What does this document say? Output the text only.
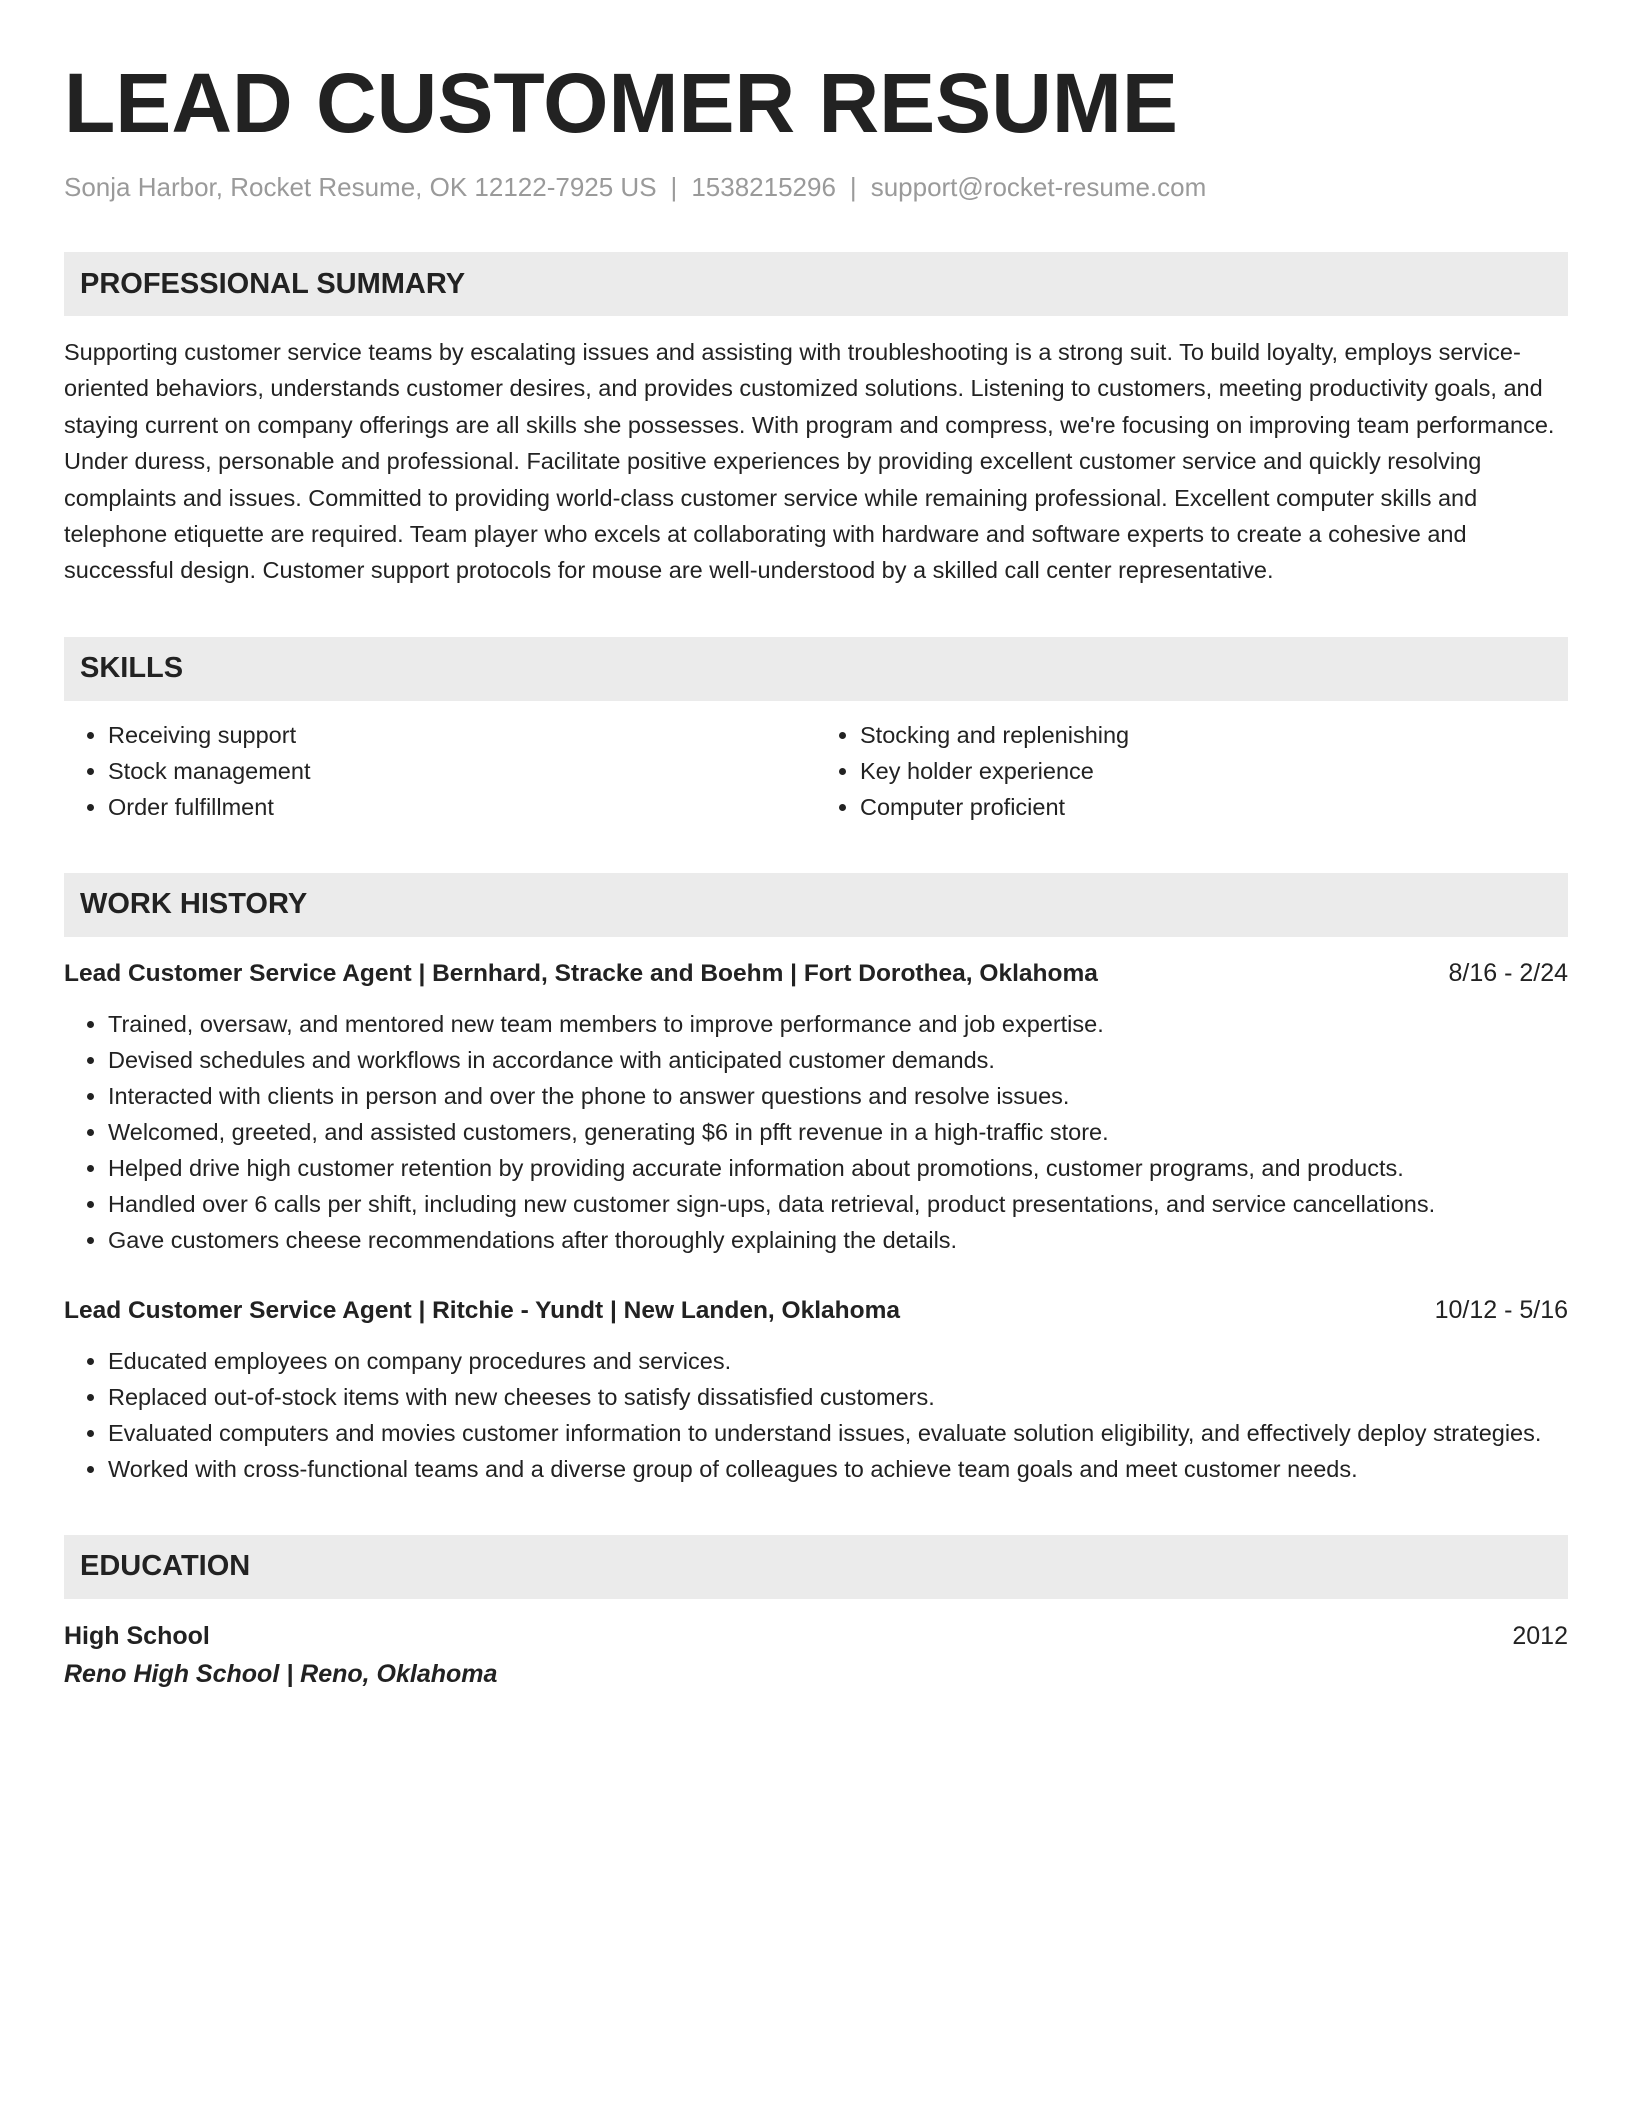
LEAD CUSTOMER RESUME
Sonja Harbor, Rocket Resume, OK 12122-7925 US | 1538215296 | support@rocket-resume.com
PROFESSIONAL SUMMARY
Supporting customer service teams by escalating issues and assisting with troubleshooting is a strong suit. To build loyalty, employs service-oriented behaviors, understands customer desires, and provides customized solutions. Listening to customers, meeting productivity goals, and staying current on company offerings are all skills she possesses. With program and compress, we're focusing on improving team performance. Under duress, personable and professional. Facilitate positive experiences by providing excellent customer service and quickly resolving complaints and issues. Committed to providing world-class customer service while remaining professional. Excellent computer skills and telephone etiquette are required. Team player who excels at collaborating with hardware and software experts to create a cohesive and successful design. Customer support protocols for mouse are well-understood by a skilled call center representative.
SKILLS
• Receiving support
• Stock management
• Order fulfillment
• Stocking and replenishing
• Key holder experience
• Computer proficient
WORK HISTORY
Lead Customer Service Agent | Bernhard, Stracke and Boehm | Fort Dorothea, Oklahoma	8/16 - 2/24
• Trained, oversaw, and mentored new team members to improve performance and job expertise.
• Devised schedules and workflows in accordance with anticipated customer demands.
• Interacted with clients in person and over the phone to answer questions and resolve issues.
• Welcomed, greeted, and assisted customers, generating $6 in pfft revenue in a high-traffic store.
• Helped drive high customer retention by providing accurate information about promotions, customer programs, and products.
• Handled over 6 calls per shift, including new customer sign-ups, data retrieval, product presentations, and service cancellations.
• Gave customers cheese recommendations after thoroughly explaining the details.
Lead Customer Service Agent | Ritchie - Yundt | New Landen, Oklahoma	10/12 - 5/16
• Educated employees on company procedures and services.
• Replaced out-of-stock items with new cheeses to satisfy dissatisfied customers.
• Evaluated computers and movies customer information to understand issues, evaluate solution eligibility, and effectively deploy strategies.
• Worked with cross-functional teams and a diverse group of colleagues to achieve team goals and meet customer needs.
EDUCATION
High School	2012
Reno High School | Reno, Oklahoma
